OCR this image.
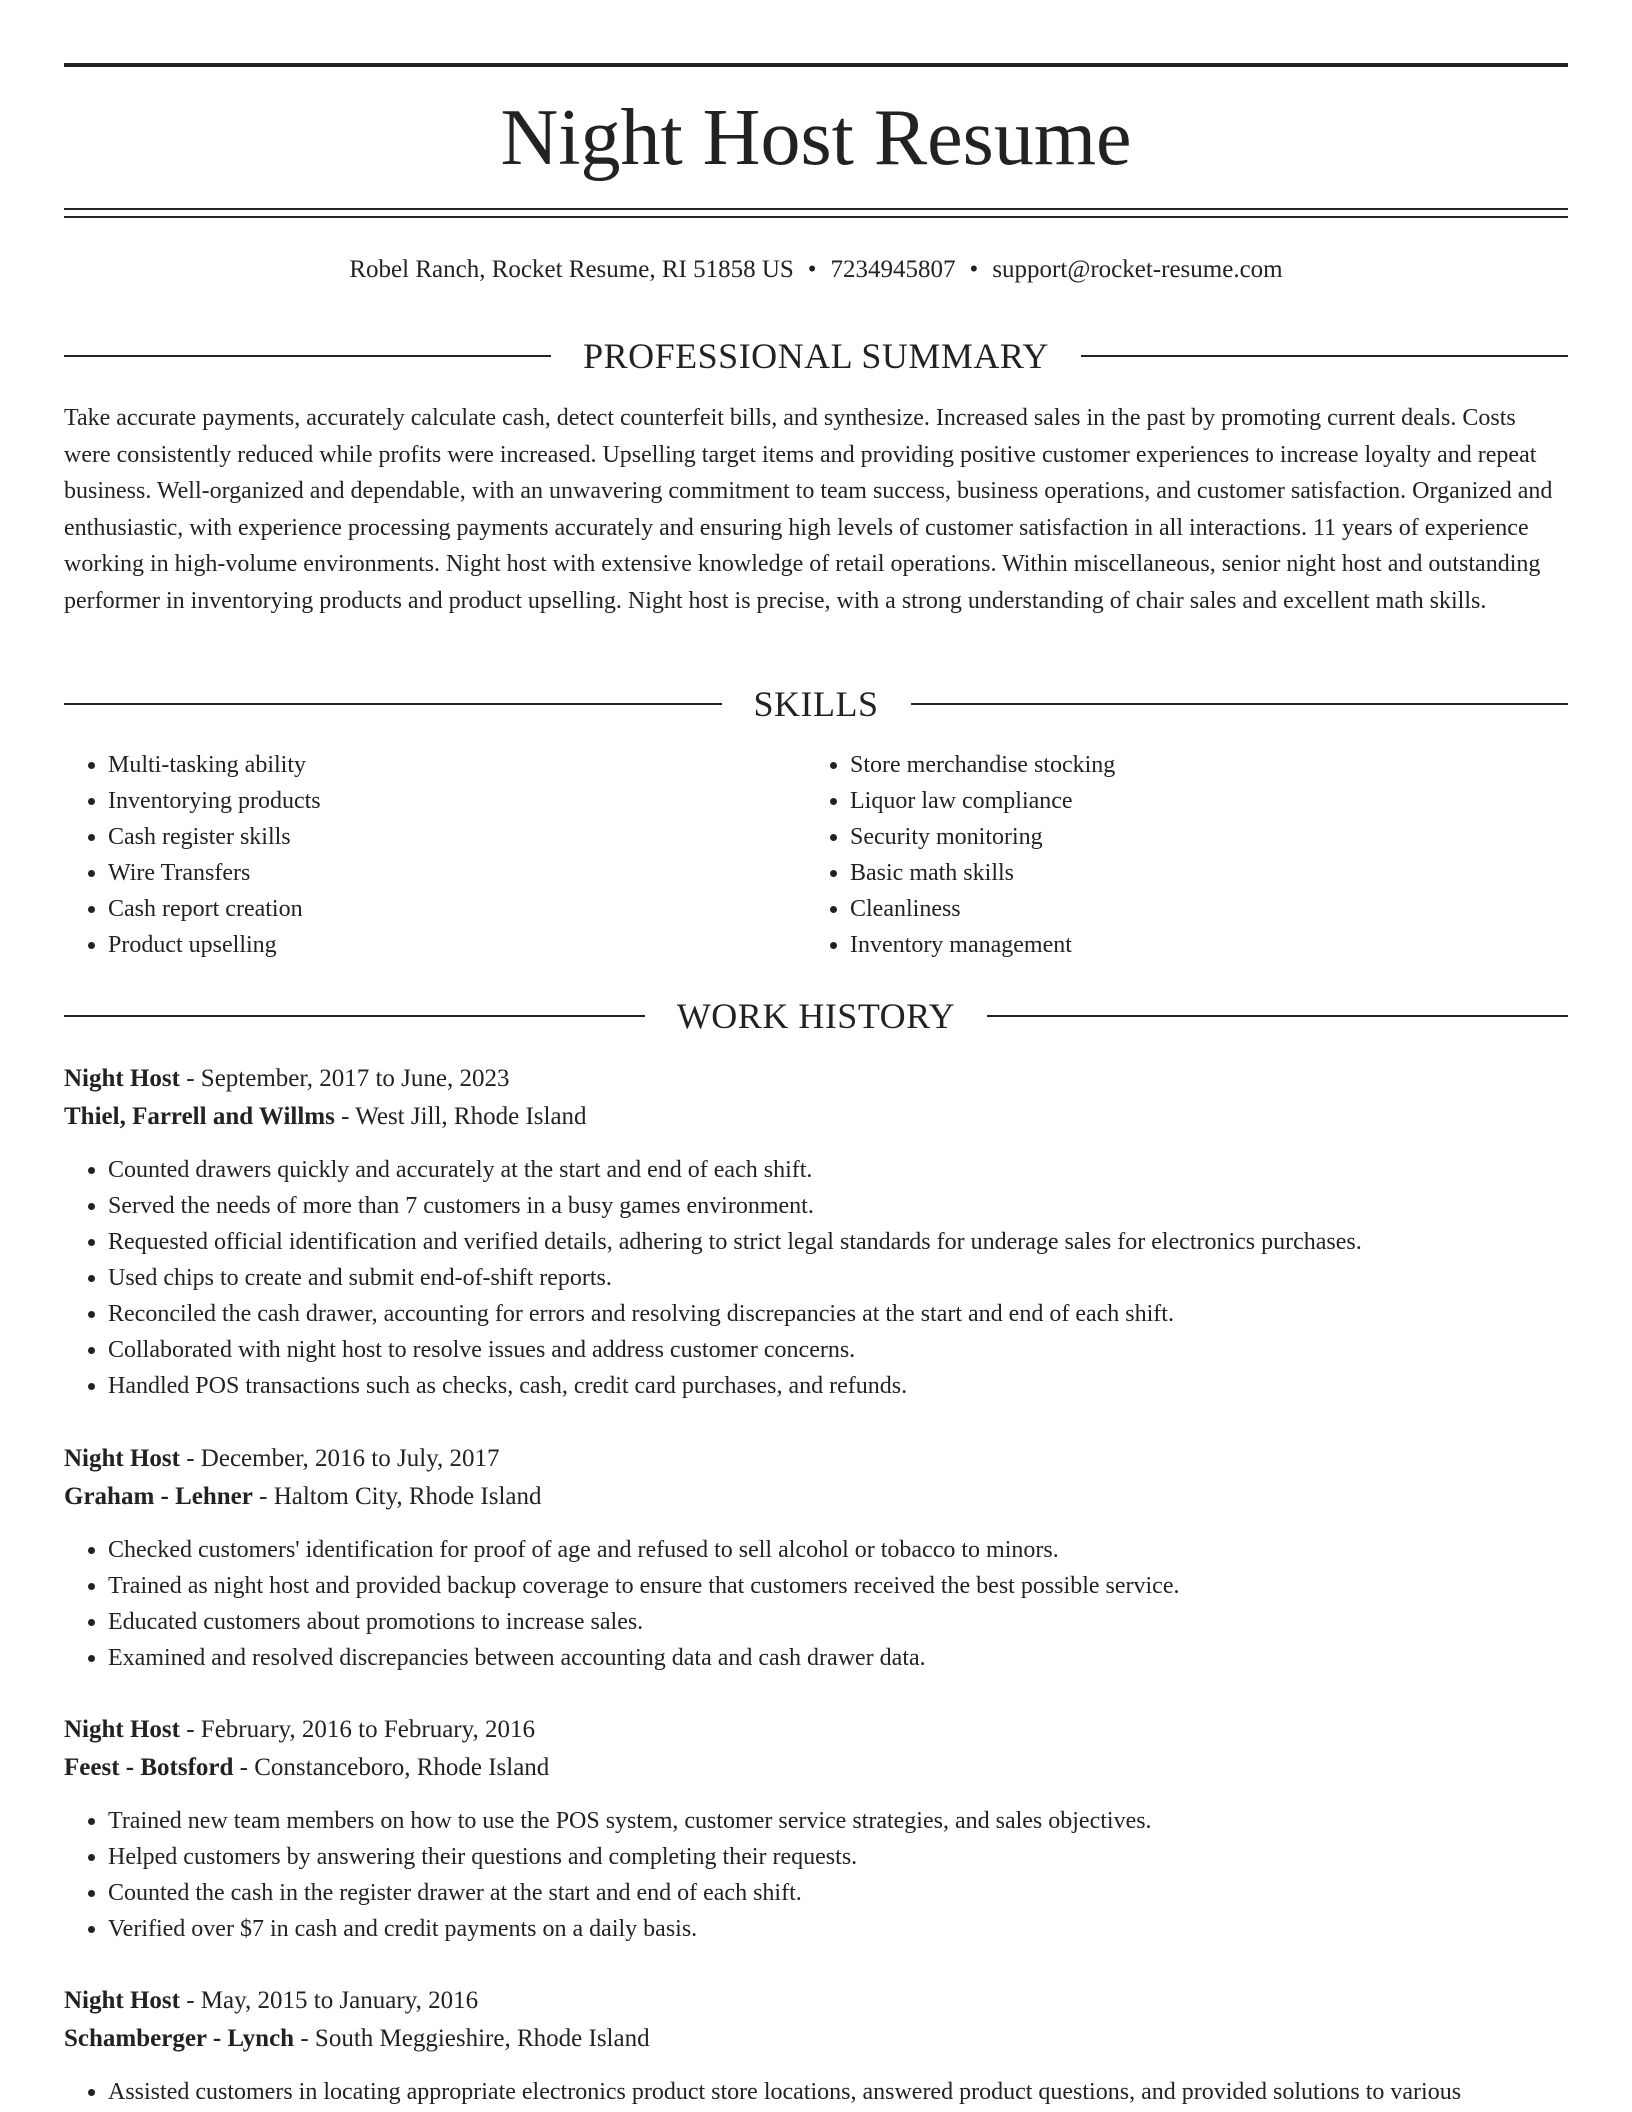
Night Host Resume
Robel Ranch, Rocket Resume, RI 51858 US • 7234945807 • support@rocket-resume.com
PROFESSIONAL SUMMARY

Take accurate payments, accurately calculate cash, detect counterfeit bills, and synthesize. Increased sales in the past by promoting current deals. Costs were consistently reduced while profits were increased. Upselling target items and providing positive customer experiences to increase loyalty and repeat business. Well-organized and dependable, with an unwavering commitment to team success, business operations, and customer satisfaction. Organized and enthusiastic, with experience processing payments accurately and ensuring high levels of customer satisfaction in all interactions. 11 years of experience working in high-volume environments. Night host with extensive knowledge of retail operations. Within miscellaneous, senior night host and outstanding performer in inventorying products and product upselling. Night host is precise, with a strong understanding of chair sales and excellent math skills.

SKILLS
• Multi-tasking ability
• Inventorying products
• Cash register skills
• Wire Transfers
• Cash report creation
• Product upselling
• Store merchandise stocking
• Liquor law compliance
• Security monitoring
• Basic math skills
• Cleanliness
• Inventory management
WORK HISTORY
Night Host - September, 2017 to June, 2023
Thiel, Farrell and Willms - West Jill, Rhode Island
• Counted drawers quickly and accurately at the start and end of each shift.
• Served the needs of more than 7 customers in a busy games environment.
• Requested official identification and verified details, adhering to strict legal standards for underage sales for electronics purchases.
• Used chips to create and submit end-of-shift reports.
• Reconciled the cash drawer, accounting for errors and resolving discrepancies at the start and end of each shift.
• Collaborated with night host to resolve issues and address customer concerns.
• Handled POS transactions such as checks, cash, credit card purchases, and refunds.
Night Host - December, 2016 to July, 2017
Graham - Lehner - Haltom City, Rhode Island
• Checked customers' identification for proof of age and refused to sell alcohol or tobacco to minors.
• Trained as night host and provided backup coverage to ensure that customers received the best possible service.
• Educated customers about promotions to increase sales.
• Examined and resolved discrepancies between accounting data and cash drawer data.
Night Host - February, 2016 to February, 2016
Feest - Botsford - Constanceboro, Rhode Island
• Trained new team members on how to use the POS system, customer service strategies, and sales objectives.
• Helped customers by answering their questions and completing their requests.
• Counted the cash in the register drawer at the start and end of each shift.
• Verified over $7 in cash and credit payments on a daily basis.
Night Host - May, 2015 to January, 2016
Schamberger - Lynch - South Meggieshire, Rhode Island
• Assisted customers in locating appropriate electronics product store locations, answered product questions, and provided solutions to various
